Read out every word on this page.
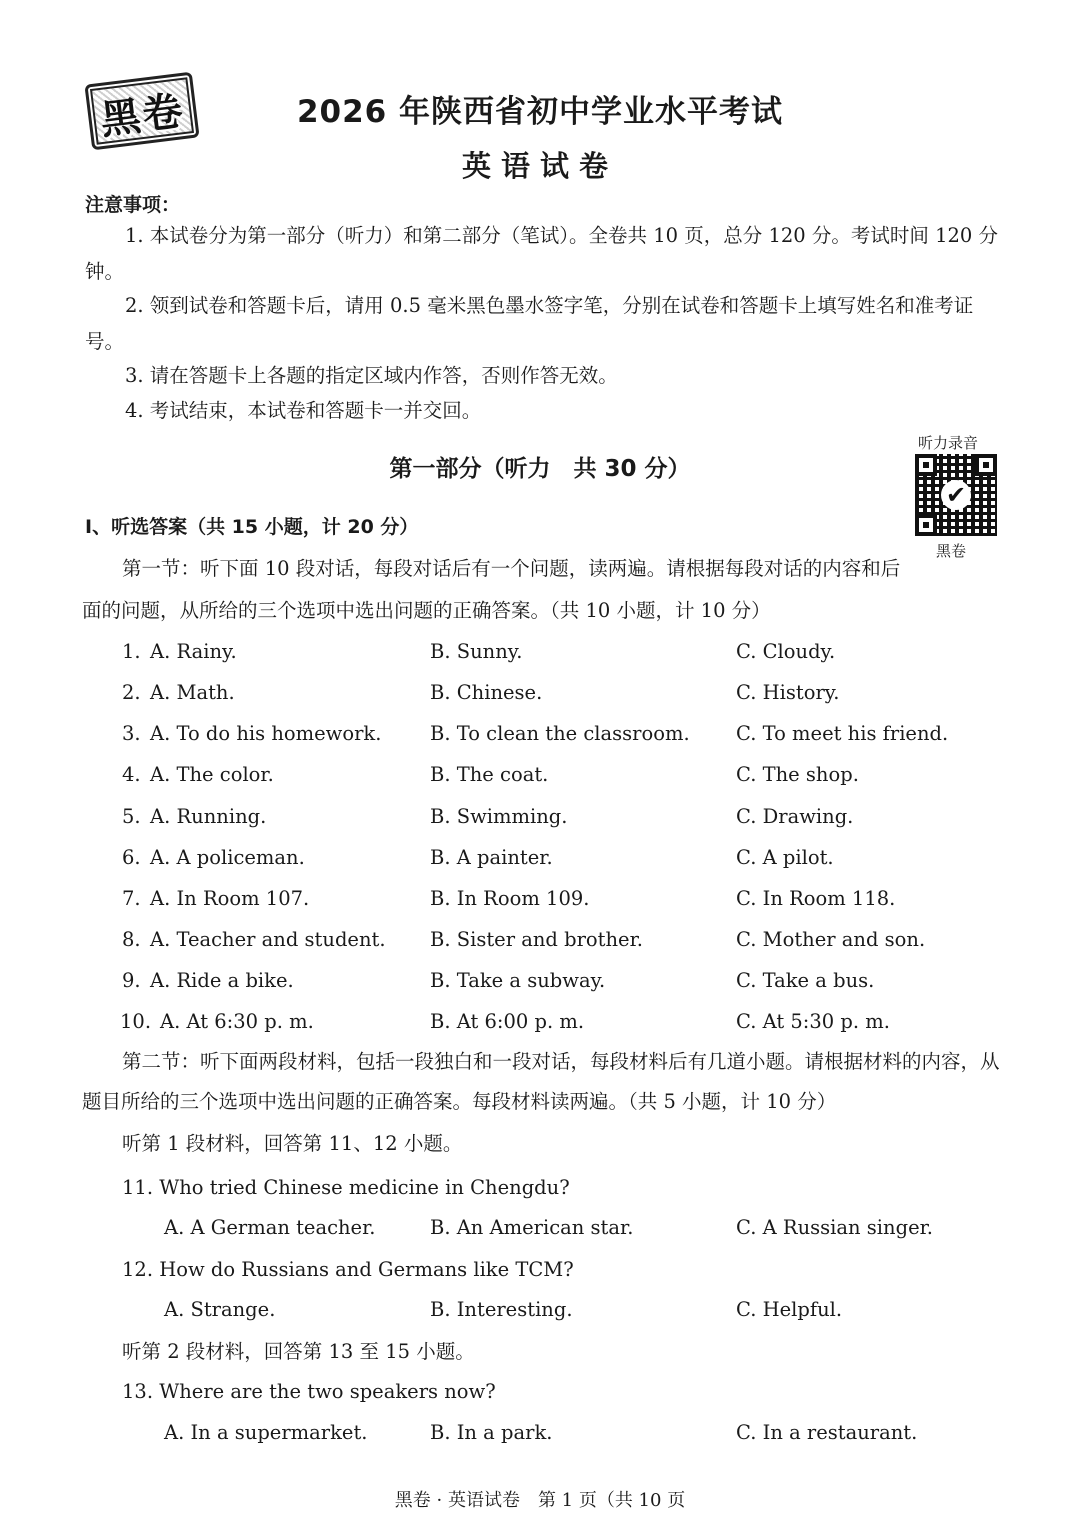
黑卷	2026 年陕西省初中学业水平考试
英语试卷
注意事项：
1. 本试卷分为第一部分（听力）和第二部分（笔试）。全卷共 10 页，总分 120 分。考试时间 120 分钟。
2. 领到试卷和答题卡后，请用 0.5 毫米黑色墨水签字笔，分别在试卷和答题卡上填写姓名和准考证号。
3. 请在答题卡上各题的指定区域内作答，否则作答无效。
4. 考试结束，本试卷和答题卡一并交回。
听力录音
✔
黑卷
第一部分（听力　共 30 分）
Ⅰ、听选答案（共 15 小题，计 20 分）
第一节：听下面 10 段对话，每段对话后有一个问题，读两遍。请根据每段对话的内容和后面的问题，从所给的三个选项中选出问题的正确答案。（共 10 小题，计 10 分）
1. A. Rainy.	B. Sunny.	C. Cloudy.
2. A. Math.	B. Chinese.	C. History.
3. A. To do his homework. B. To clean the classroom. C. To meet his friend.
4. A. The color.	B. The coat.	C. The shop.
5. A. Running.	B. Swimming.	C. Drawing.
6. A. A policeman.	B. A painter.	C. A pilot.
7. A. In Room 107.	B. In Room 109.	C. In Room 118.
8. A. Teacher and student. B. Sister and brother.	C. Mother and son.
9. A. Ride a bike.	B. Take a subway.	C. Take a bus.
10. A. At 6:30 p. m.	B. At 6:00 p. m.	C. At 5:30 p. m.
第二节：听下面两段材料，包括一段独白和一段对话，每段材料后有几道小题。请根据材料的内容，从题目所给的三个选项中选出问题的正确答案。每段材料读两遍。（共 5 小题，计 10 分）
听第 1 段材料，回答第 11、12 小题。
11. Who tried Chinese medicine in Chengdu?
A. A German teacher.	B. An American star.	C. A Russian singer.
12. How do Russians and Germans like TCM?
A. Strange.	B. Interesting.	C. Helpful.
听第 2 段材料，回答第 13 至 15 小题。
13. Where are the two speakers now?
A. In a supermarket.	B. In a park.	C. In a restaurant.
黑卷 · 英语试卷　第 1 页（共 10 页
